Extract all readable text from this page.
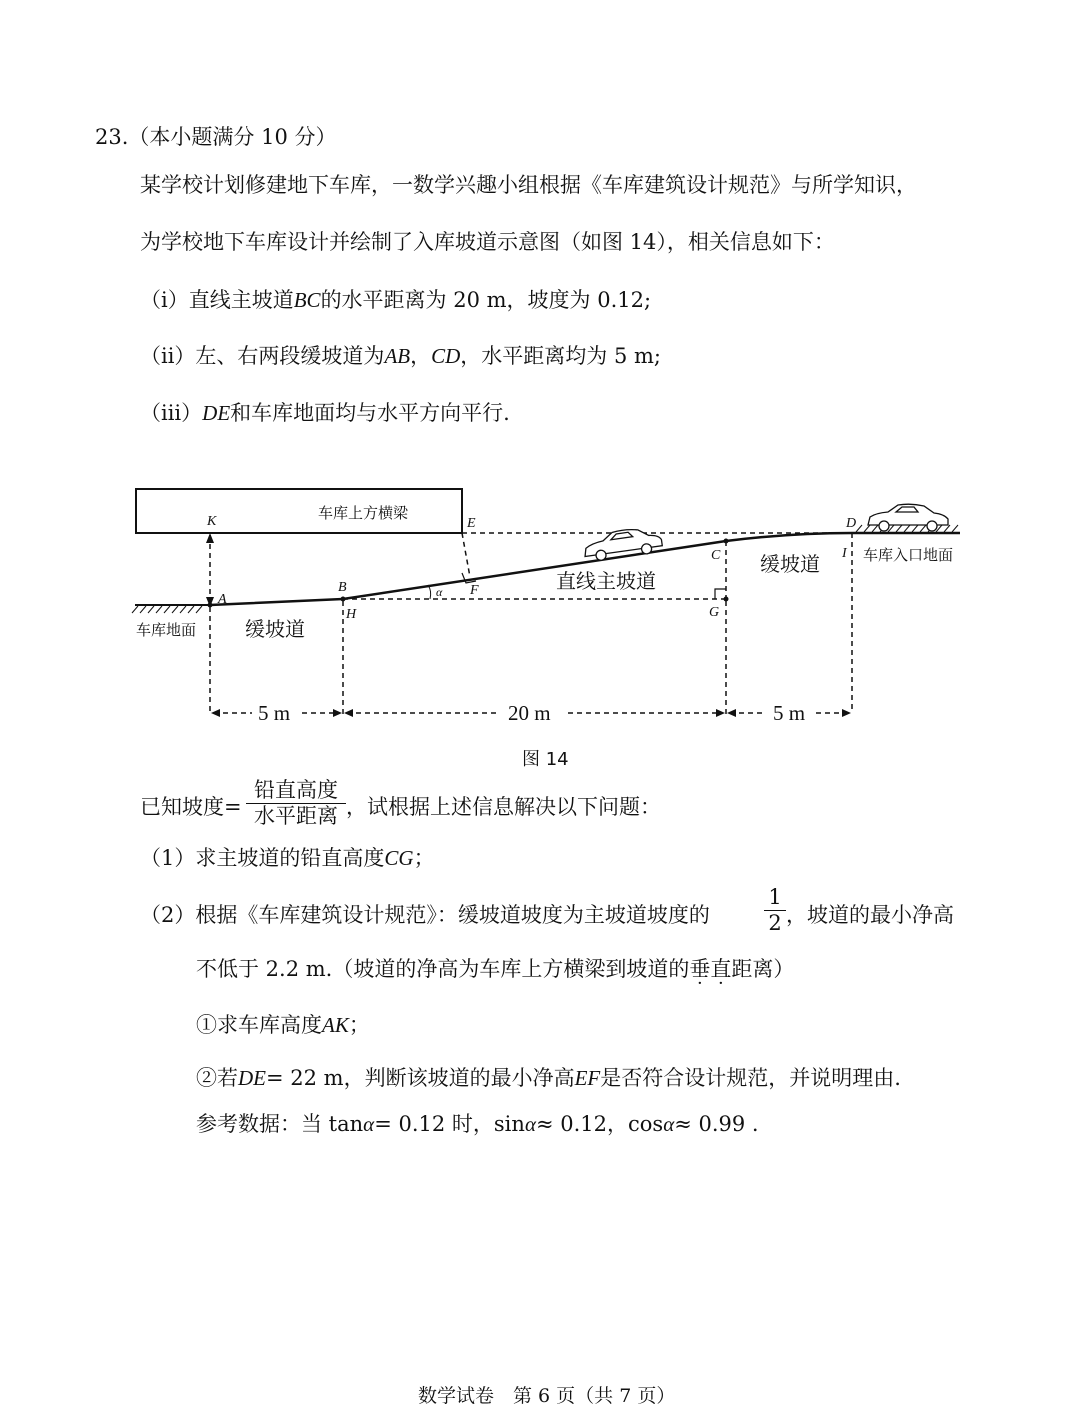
23.（本小题满分 10 分）
某学校计划修建地下车库，一数学兴趣小组根据《车库建筑设计规范》与所学知识，
为学校地下车库设计并绘制了入库坡道示意图（如图 14），相关信息如下：
（ⅰ）直线主坡道BC的水平距离为 20 m，坡度为 0.12;
（ⅱ）左、右两段缓坡道为AB，CD，水平距离均为 5 m;
（ⅲ）DE和车库地面均与水平方向平行.
车库上方横梁
K	E	D
C	I
A
B
H
F
G
α	直线主坡道
缓坡道
缓坡道
车库地面
车库入口地面
5 m	20 m	5 m
图 14
已知坡度=
铅直高度
水平距离 ，试根据上述信息解决以下问题：
（1）求主坡道的铅直高度CG；
（2）根据《车库建筑设计规范》：缓坡道坡度为主坡道坡度的	$\frac{1}{2}$ ，坡道的最小净高
不低于 2.2 m.（坡道的净高为车库上方横梁到坡道的垂直距离）
①求车库高度AK；
②若DE= 22 m，判断该坡道的最小净高EF是否符合设计规范，并说明理由.
参考数据：当 tanα= 0.12 时，sinα≈ 0.12，cosα≈ 0.99 .
数学试卷　第 6 页（共 7 页）
